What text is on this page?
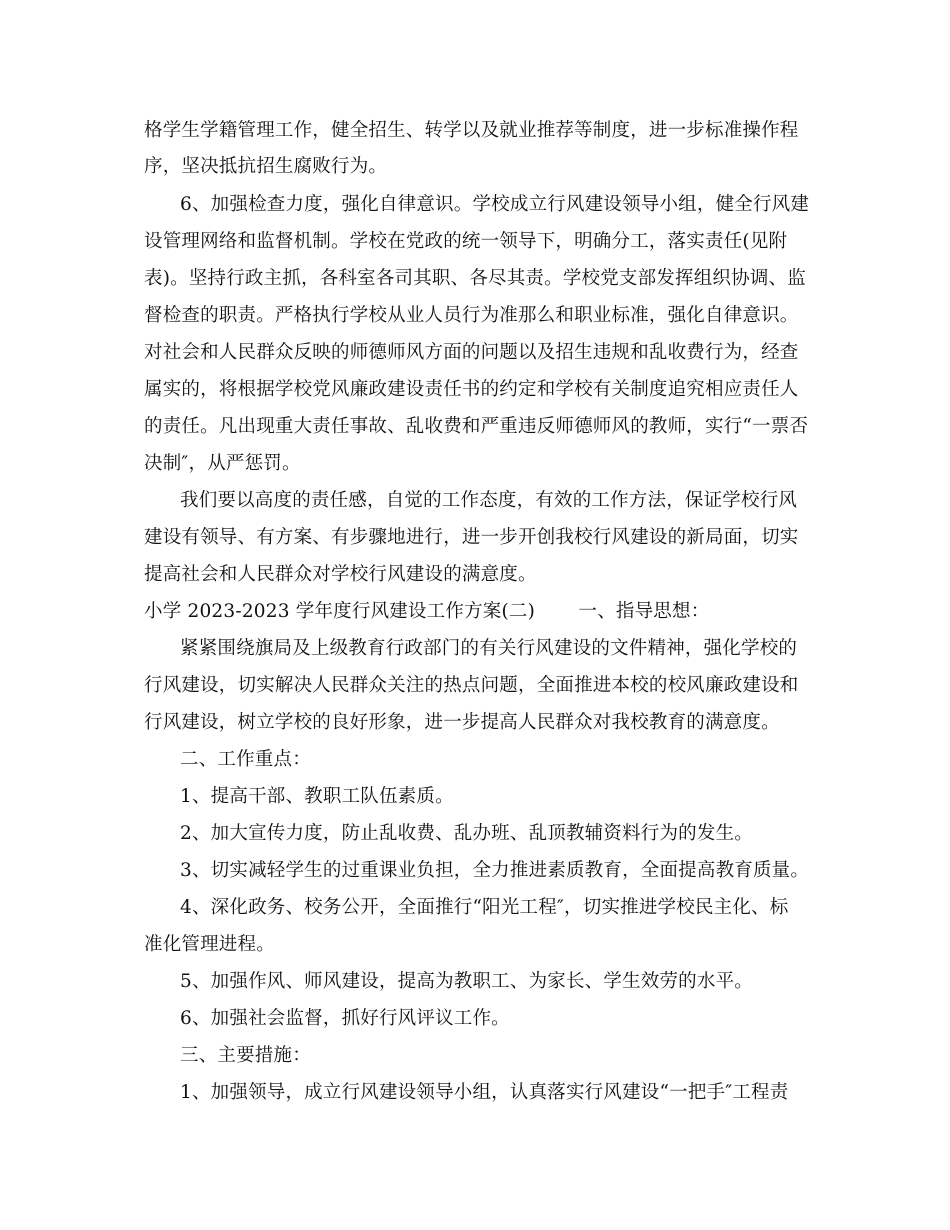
格学生学籍管理工作，健全招生、转学以及就业推荐等制度，进一步标准操作程
序，坚决抵抗招生腐败行为。
6、加强检查力度，强化自律意识。学校成立行风建设领导小组，健全行风建
设管理网络和监督机制。学校在党政的统一领导下，明确分工，落实责任(见附
表)。坚持行政主抓，各科室各司其职、各尽其责。学校党支部发挥组织协调、监
督检查的职责。严格执行学校从业人员行为准那么和职业标准，强化自律意识。
对社会和人民群众反映的师德师风方面的问题以及招生违规和乱收费行为，经查
属实的，将根据学校党风廉政建设责任书的约定和学校有关制度追究相应责任人
的责任。凡出现重大责任事故、乱收费和严重违反师德师风的教师，实行“一票否
决制″，从严惩罚。
我们要以高度的责任感，自觉的工作态度，有效的工作方法，保证学校行风
建设有领导、有方案、有步骤地进行，进一步开创我校行风建设的新局面，切实
提高社会和人民群众对学校行风建设的满意度。
小学 2023-2023 学年度行风建设工作方案(二)　　 一、指导思想：
紧紧围绕旗局及上级教育行政部门的有关行风建设的文件精神，强化学校的
行风建设，切实解决人民群众关注的热点问题，全面推进本校的校风廉政建设和
行风建设，树立学校的良好形象，进一步提高人民群众对我校教育的满意度。
二、工作重点：
1、提高干部、教职工队伍素质。
2、加大宣传力度，防止乱收费、乱办班、乱顶教辅资料行为的发生。
3、切实减轻学生的过重课业负担，全力推进素质教育，全面提高教育质量。
4、深化政务、校务公开，全面推行“阳光工程″，切实推进学校民主化、标
准化管理进程。
5、加强作风、师风建设，提高为教职工、为家长、学生效劳的水平。
6、加强社会监督，抓好行风评议工作。
三、主要措施：
1、加强领导，成立行风建设领导小组，认真落实行风建设“一把手″工程责
